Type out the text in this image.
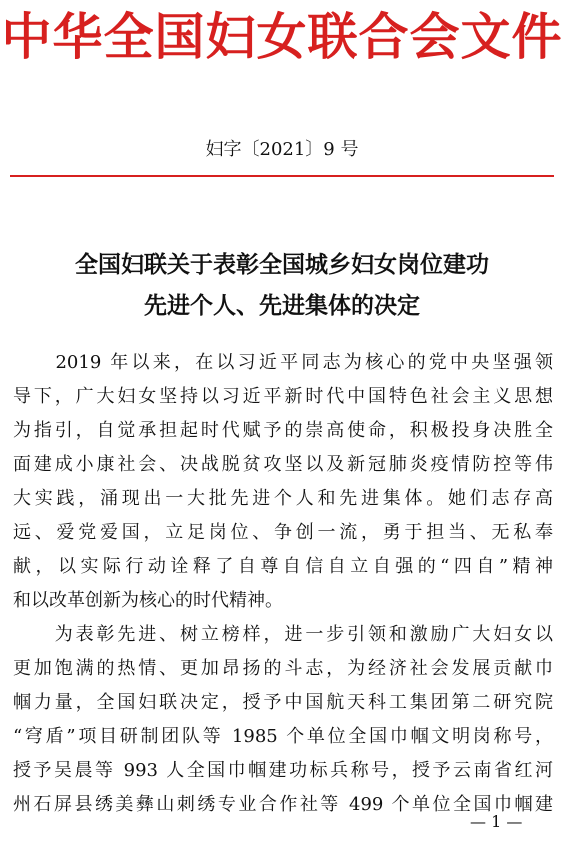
中华全国妇女联合会文件
妇字〔2021〕9 号
全国妇联关于表彰全国城乡妇女岗位建功
先进个人、先进集体的决定
　　2019 年以来，在以习近平同志为核心的党中央坚强领
导下，广大妇女坚持以习近平新时代中国特色社会主义思想
为指引，自觉承担起时代赋予的崇高使命，积极投身决胜全
面建成小康社会、决战脱贫攻坚以及新冠肺炎疫情防控等伟
大实践，涌现出一大批先进个人和先进集体。她们志存高
远、爱党爱国，立足岗位、争创一流，勇于担当、无私奉
献，以实际行动诠释了自尊自信自立自强的“四自”精神
和以改革创新为核心的时代精神。
　　为表彰先进、树立榜样，进一步引领和激励广大妇女以
更加饱满的热情、更加昂扬的斗志，为经济社会发展贡献巾
帼力量，全国妇联决定，授予中国航天科工集团第二研究院
“穹盾”项目研制团队等 1985 个单位全国巾帼文明岗称号，
授予吴晨等 993 人全国巾帼建功标兵称号，授予云南省红河
州石屏县绣美彝山刺绣专业合作社等 499 个单位全国巾帼建
— 1 —
